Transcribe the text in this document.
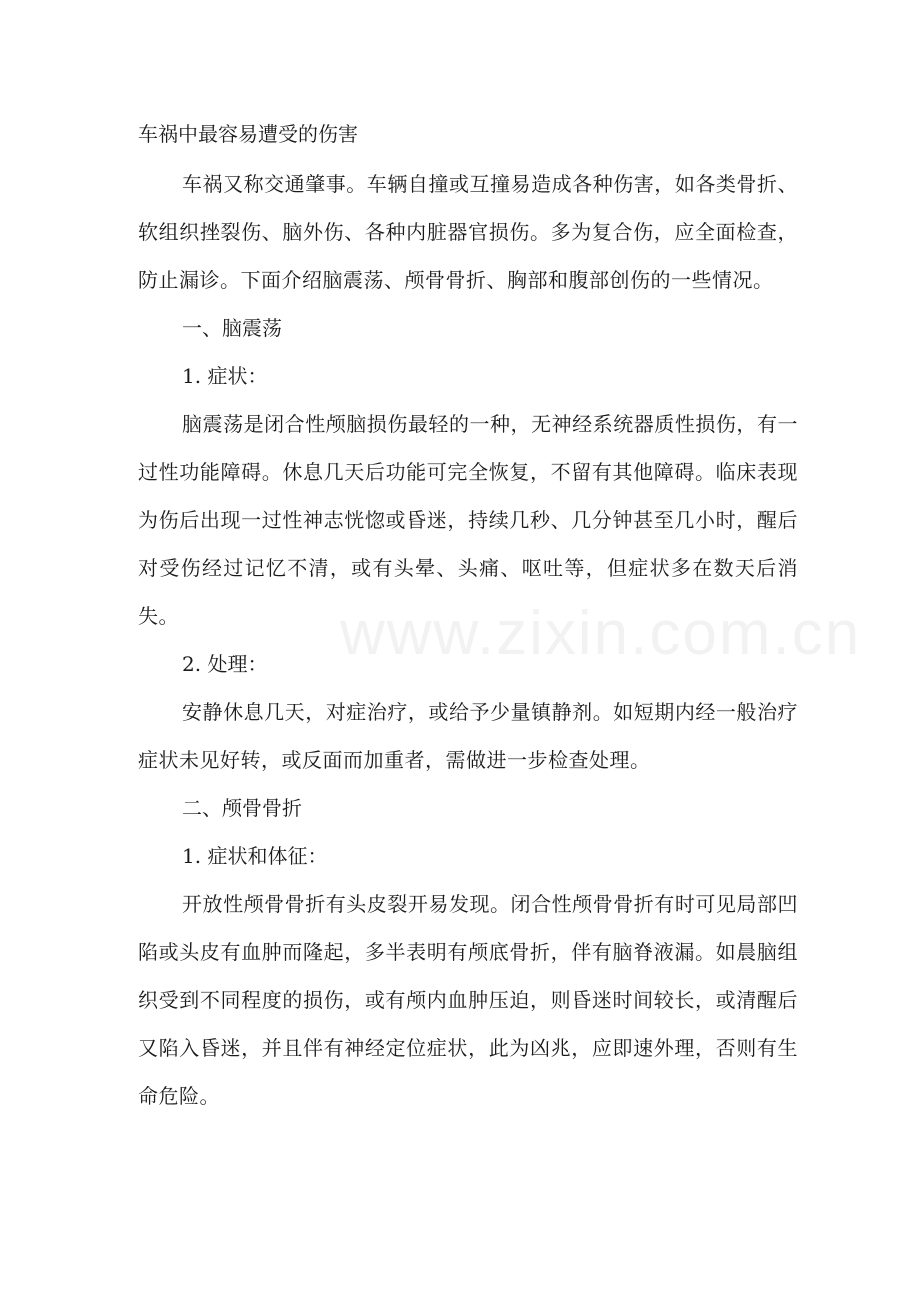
车祸中最容易遭受的伤害

车祸又称交通肇事。车辆自撞或互撞易造成各种伤害，如各类骨折、软组织挫裂伤、脑外伤、各种内脏器官损伤。多为复合伤，应全面检查，防止漏诊。下面介绍脑震荡、颅骨骨折、胸部和腹部创伤的一些情况。

一、脑震荡

1. 症状：

脑震荡是闭合性颅脑损伤最轻的一种，无神经系统器质性损伤，有一过性功能障碍。休息几天后功能可完全恢复，不留有其他障碍。临床表现为伤后出现一过性神志恍惚或昏迷，持续几秒、几分钟甚至几小时，醒后对受伤经过记忆不清，或有头晕、头痛、呕吐等，但症状多在数天后消失。

2. 处理：

安静休息几天，对症治疗，或给予少量镇静剂。如短期内经一般治疗症状未见好转，或反面而加重者，需做进一步检查处理。

二、颅骨骨折

1. 症状和体征：

开放性颅骨骨折有头皮裂开易发现。闭合性颅骨骨折有时可见局部凹陷或头皮有血肿而隆起，多半表明有颅底骨折，伴有脑脊液漏。如晨脑组织受到不同程度的损伤，或有颅内血肿压迫，则昏迷时间较长，或清醒后又陷入昏迷，并且伴有神经定位症状，此为凶兆，应即速外理，否则有生命危险。

www.zixin.com.cn
